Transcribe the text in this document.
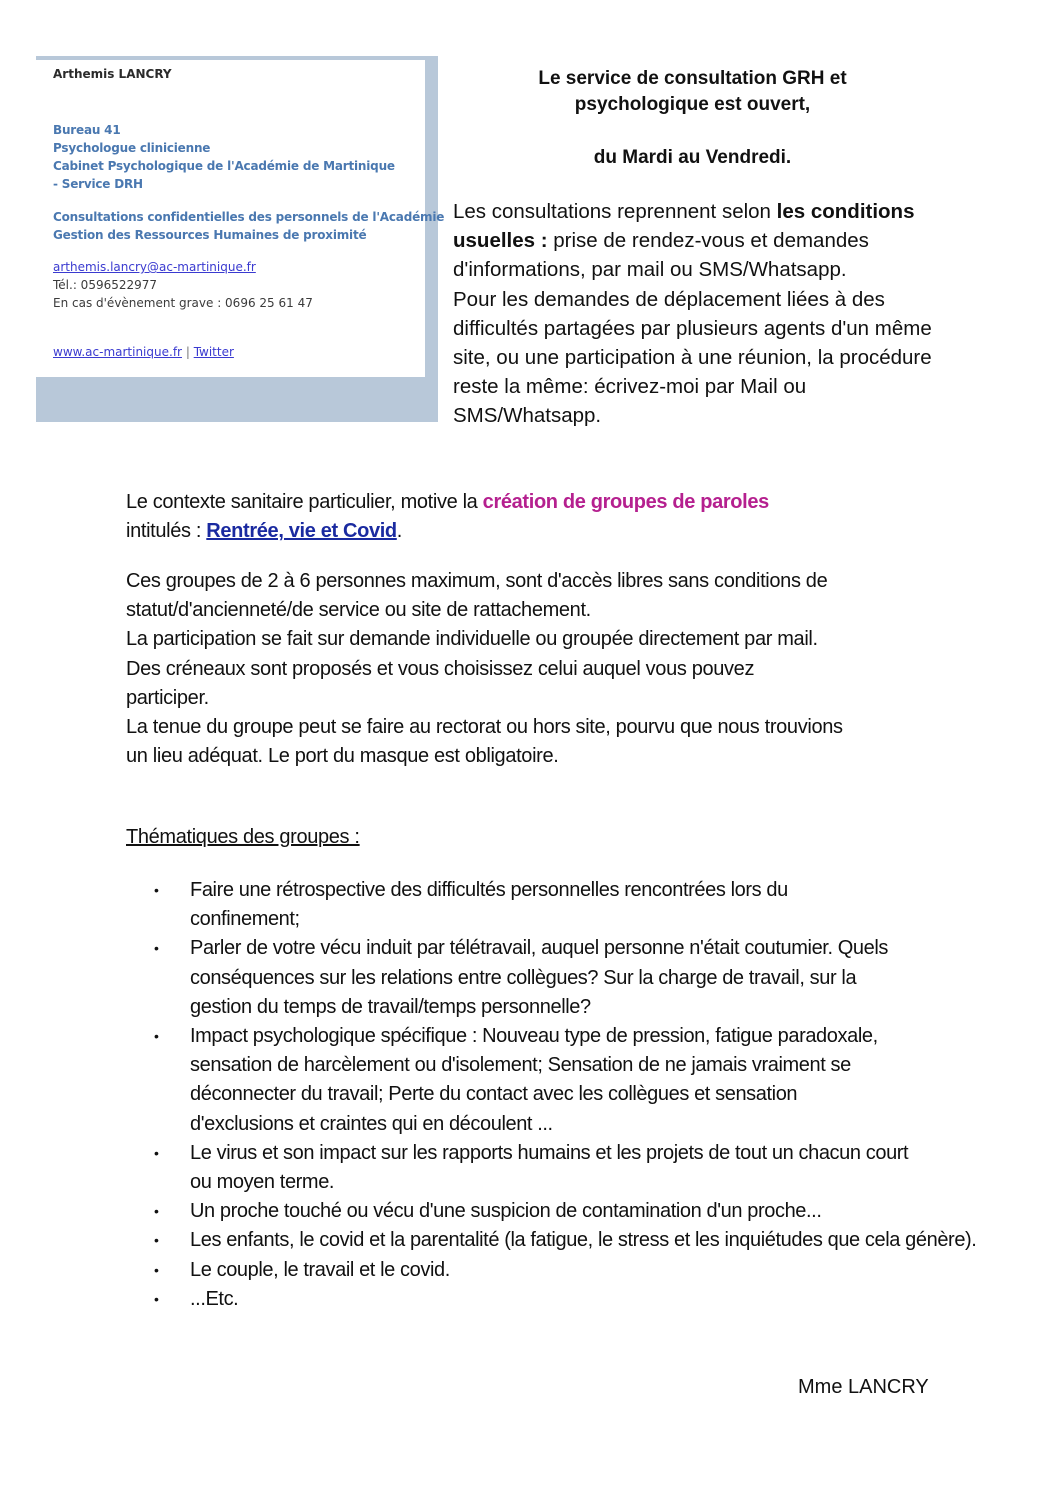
Arthemis LANCRY
Bureau 41
Psychologue clinicienne
Cabinet Psychologique de l'Académie de Martinique
- Service DRH
Consultations confidentielles des personnels de l'Académie
Gestion des Ressources Humaines de proximité
arthemis.lancry@ac-martinique.fr
Tél.: 0596522977
En cas d'évènement grave : 0696 25 61 47
www.ac-martinique.fr | Twitter
Le service de consultation GRH et
psychologique est ouvert,
du Mardi au Vendredi.

Les consultations reprennent selon les conditions usuelles : prise de rendez-vous et demandes d'informations, par mail ou SMS/Whatsapp.

Pour les demandes de déplacement liées à des difficultés partagées par plusieurs agents d'un même site, ou une participation à une réunion, la procédure reste la même: écrivez-moi par Mail ou SMS/Whatsapp.

Le contexte sanitaire particulier, motive la création de groupes de paroles intitulés : Rentrée, vie et Covid.

Ces groupes de 2 à 6 personnes maximum, sont d'accès libres sans conditions de statut/d'ancienneté/de service ou site de rattachement.

La participation se fait sur demande individuelle ou groupée directement par mail.

Des créneaux sont proposés et vous choisissez celui auquel vous pouvez participer.

La tenue du groupe peut se faire au rectorat ou hors site, pourvu que nous trouvions un lieu adéquat. Le port du masque est obligatoire.

Thématiques des groupes :
• Faire une rétrospective des difficultés personnelles rencontrées lors du confinement;
• Parler de votre vécu induit par télétravail, auquel personne n'était coutumier. Quels conséquences sur les relations entre collègues? Sur la charge de travail, sur la gestion du temps de travail/temps personnelle?
• Impact psychologique spécifique : Nouveau type de pression, fatigue paradoxale, sensation de harcèlement ou d'isolement; Sensation de ne jamais vraiment se déconnecter du travail; Perte du contact avec les collègues et sensation d'exclusions et craintes qui en découlent ...
• Le virus et son impact sur les rapports humains et les projets de tout un chacun court ou moyen terme.
• Un proche touché ou vécu d'une suspicion de contamination d'un proche...
• Les enfants, le covid et la parentalité (la fatigue, le stress et les inquiétudes que cela génère).
• Le couple, le travail et le covid.
• ...Etc.
Mme LANCRY
